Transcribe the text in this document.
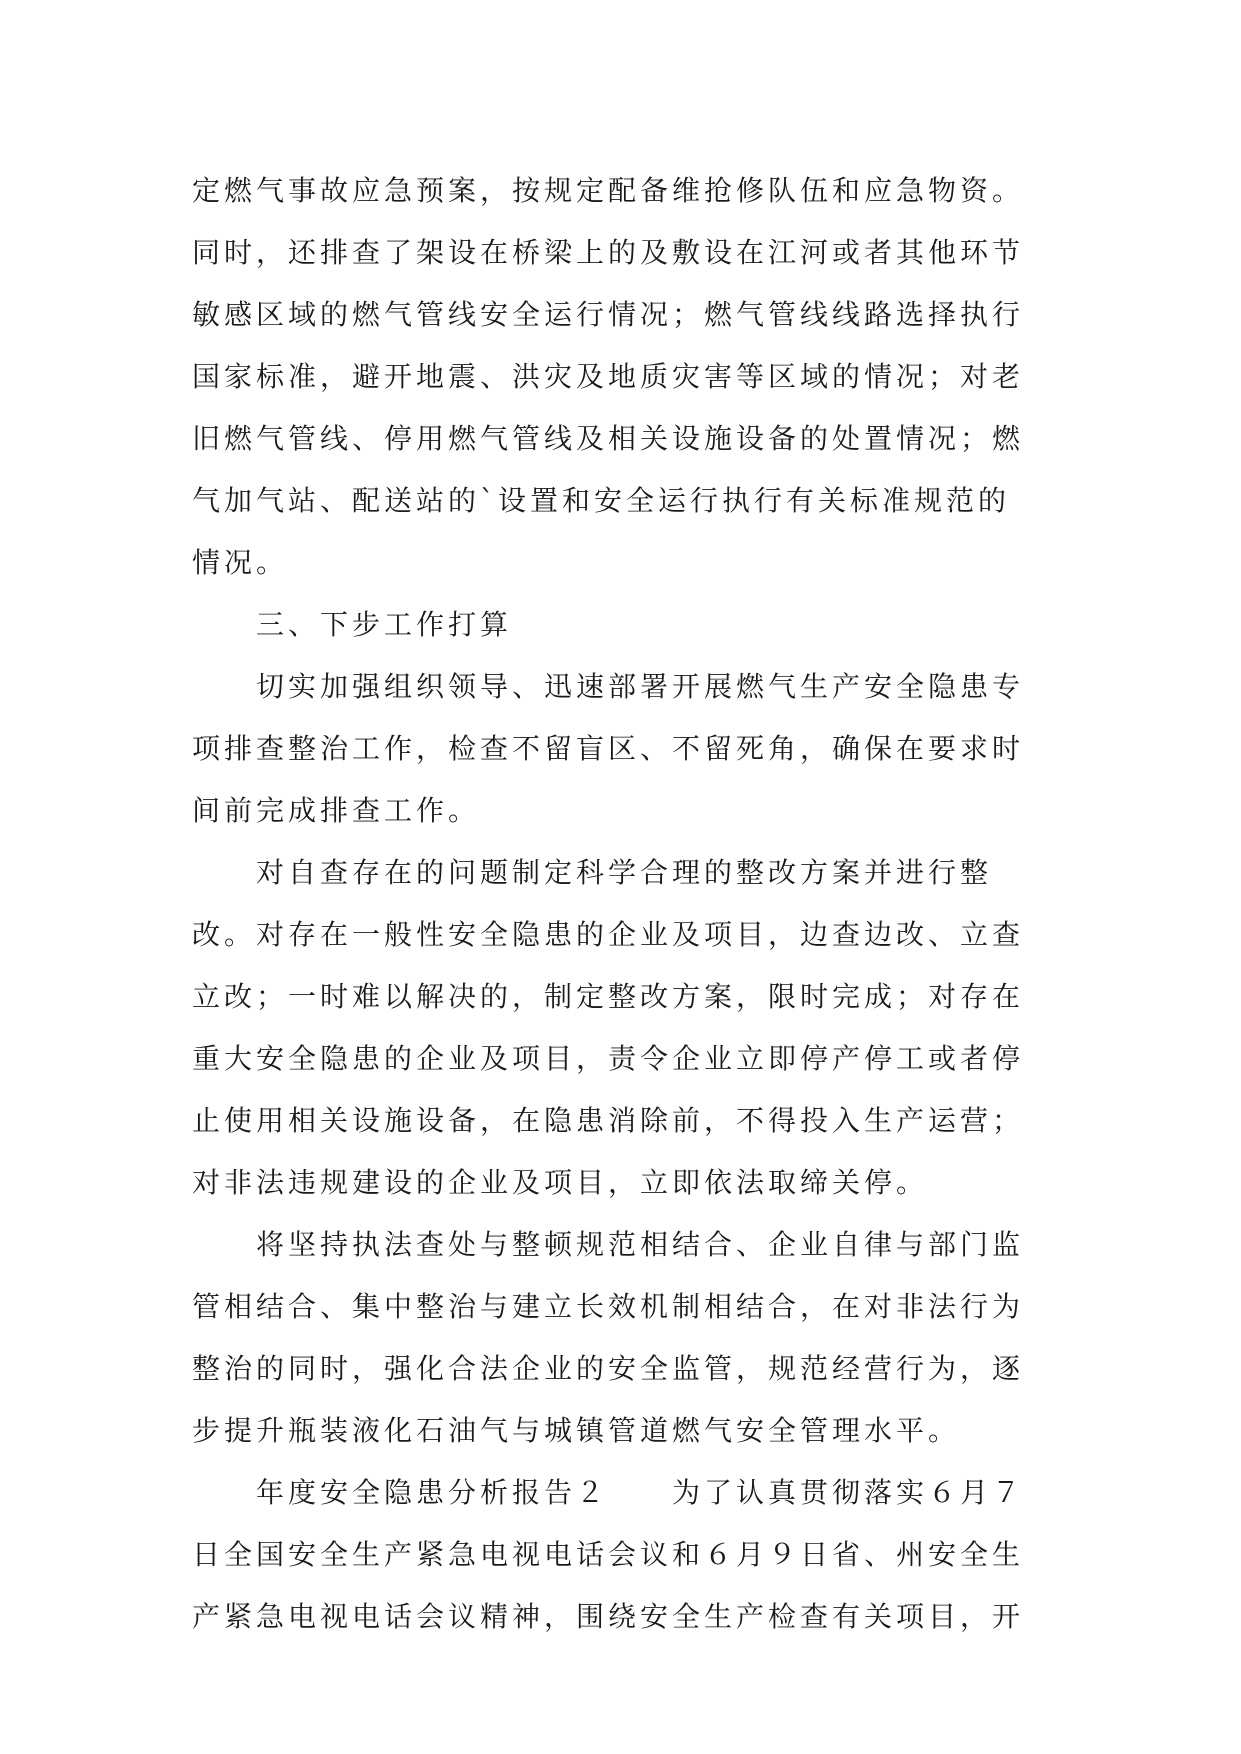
定燃气事故应急预案，按规定配备维抢修队伍和应急物资。
同时，还排查了架设在桥梁上的及敷设在江河或者其他环节
敏感区域的燃气管线安全运行情况；燃气管线线路选择执行
国家标准，避开地震、洪灾及地质灾害等区域的情况；对老
旧燃气管线、停用燃气管线及相关设施设备的处置情况；燃
气加气站、配送站的`设置和安全运行执行有关标准规范的
情况。
三、下步工作打算
切实加强组织领导、迅速部署开展燃气生产安全隐患专
项排查整治工作，检查不留盲区、不留死角，确保在要求时
间前完成排查工作。
对自查存在的问题制定科学合理的整改方案并进行整
改。对存在一般性安全隐患的企业及项目，边查边改、立查
立改；一时难以解决的，制定整改方案，限时完成；对存在
重大安全隐患的企业及项目，责令企业立即停产停工或者停
止使用相关设施设备，在隐患消除前，不得投入生产运营；
对非法违规建设的企业及项目，立即依法取缔关停。
将坚持执法查处与整顿规范相结合、企业自律与部门监
管相结合、集中整治与建立长效机制相结合，在对非法行为
整治的同时，强化合法企业的安全监管，规范经营行为，逐
步提升瓶装液化石油气与城镇管道燃气安全管理水平。
年度安全隐患分析报告２　　为了认真贯彻落实６月７
日全国安全生产紧急电视电话会议和６月９日省、州安全生
产紧急电视电话会议精神，围绕安全生产检查有关项目，开
